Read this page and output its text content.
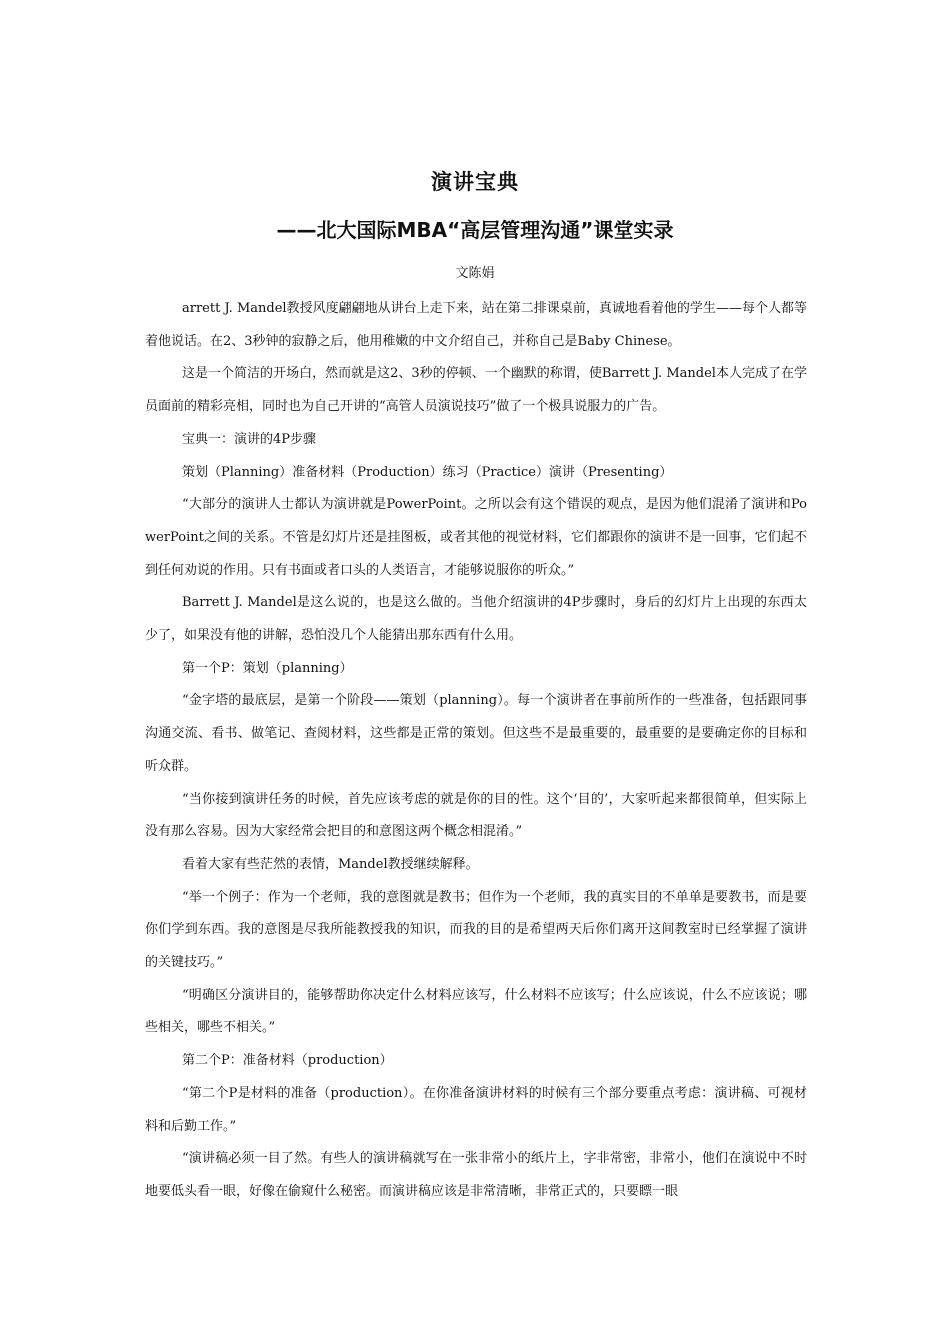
演讲宝典
——北大国际MBA“高层管理沟通”课堂实录
文陈娟

arrett J. Mandel教授风度翩翩地从讲台上走下来，站在第二排课桌前，真诚地看着他的学生——每个人都等着他说话。在2、3秒钟的寂静之后，他用稚嫩的中文介绍自己，并称自己是Baby Chinese。

这是一个简洁的开场白，然而就是这2、3秒的停顿、一个幽默的称谓，使Barrett J. Mandel本人完成了在学员面前的精彩亮相，同时也为自己开讲的“高管人员演说技巧”做了一个极具说服力的广告。

宝典一：演讲的4P步骤

策划（Planning）准备材料（Production）练习（Practice）演讲（Presenting）

“大部分的演讲人士都认为演讲就是PowerPoint。之所以会有这个错误的观点，是因为他们混淆了演讲和PowerPoint之间的关系。不管是幻灯片还是挂图板，或者其他的视觉材料，它们都跟你的演讲不是一回事，它们起不到任何劝说的作用。只有书面或者口头的人类语言，才能够说服你的听众。”

Barrett J. Mandel是这么说的，也是这么做的。当他介绍演讲的4P步骤时，身后的幻灯片上出现的东西太少了，如果没有他的讲解，恐怕没几个人能猜出那东西有什么用。

第一个P：策划（planning）

“金字塔的最底层，是第一个阶段——策划（planning）。每一个演讲者在事前所作的一些准备，包括跟同事沟通交流、看书、做笔记、查阅材料，这些都是正常的策划。但这些不是最重要的，最重要的是要确定你的目标和听众群。

“当你接到演讲任务的时候，首先应该考虑的就是你的目的性。这个‘目的’，大家听起来都很简单，但实际上没有那么容易。因为大家经常会把目的和意图这两个概念相混淆。”

看着大家有些茫然的表情，Mandel教授继续解释。

“举一个例子：作为一个老师，我的意图就是教书；但作为一个老师，我的真实目的不单单是要教书，而是要你们学到东西。我的意图是尽我所能教授我的知识，而我的目的是希望两天后你们离开这间教室时已经掌握了演讲的关键技巧。”

“明确区分演讲目的，能够帮助你决定什么材料应该写，什么材料不应该写；什么应该说，什么不应该说；哪些相关，哪些不相关。”

第二个P：准备材料（production）

“第二个P是材料的准备（production）。在你准备演讲材料的时候有三个部分要重点考虑：演讲稿、可视材料和后勤工作。”

“演讲稿必须一目了然。有些人的演讲稿就写在一张非常小的纸片上，字非常密，非常小，他们在演说中不时地要低头看一眼，好像在偷窥什么秘密。而演讲稿应该是非常清晰，非常正式的，只要瞟一眼
